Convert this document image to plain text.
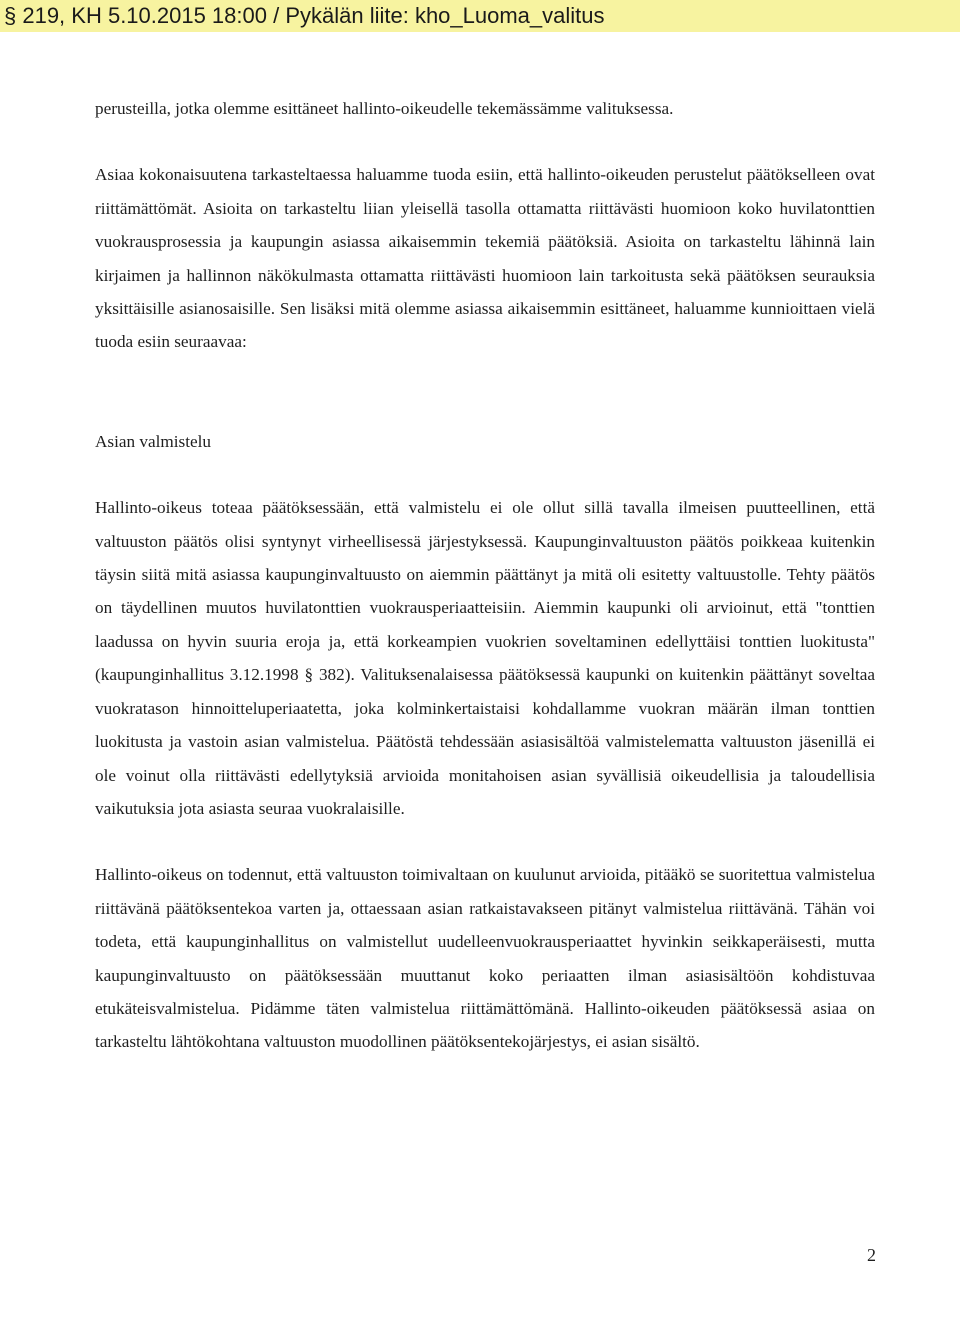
§ 219, KH 5.10.2015 18:00 / Pykälän liite: kho_Luoma_valitus

perusteilla, jotka olemme esittäneet hallinto-oikeudelle tekemässämme valituksessa.

Asiaa kokonaisuutena tarkasteltaessa haluamme tuoda esiin, että hallinto-oikeuden perustelut päätökselleen ovat riittämättömät. Asioita on tarkasteltu liian yleisellä tasolla ottamatta riittävästi huomioon koko huvilatonttien vuokrausprosessia ja kaupungin asiassa aikaisemmin tekemiä päätöksiä. Asioita on tarkasteltu lähinnä lain kirjaimen ja hallinnon näkökulmasta ottamatta riittävästi huomioon lain tarkoitusta sekä päätöksen seurauksia yksittäisille asianosaisille. Sen lisäksi mitä olemme asiassa aikaisemmin esittäneet, haluamme kunnioittaen vielä tuoda esiin seuraavaa:

Asian valmistelu

Hallinto-oikeus toteaa päätöksessään, että valmistelu ei ole ollut sillä tavalla ilmeisen puutteellinen, että valtuuston päätös olisi syntynyt virheellisessä järjestyksessä. Kaupunginvaltuuston päätös poikkeaa kuitenkin täysin siitä mitä asiassa kaupunginvaltuusto on aiemmin päättänyt ja mitä oli esitetty valtuustolle. Tehty päätös on täydellinen muutos huvilatonttien vuokrausperiaatteisiin. Aiemmin kaupunki oli arvioinut, että "tonttien laadussa on hyvin suuria eroja ja, että korkeampien vuokrien soveltaminen edellyttäisi tonttien luokitusta" (kaupunginhallitus 3.12.1998 § 382). Valituksenalaisessa päätöksessä kaupunki on kuitenkin päättänyt soveltaa vuokratason hinnoitteluperiaatetta, joka kolminkertaistaisi kohdallamme vuokran määrän ilman tonttien luokitusta ja vastoin asian valmistelua. Päätöstä tehdessään asiasisältöä valmistelematta valtuuston jäsenillä ei ole voinut olla riittävästi edellytyksiä arvioida monitahoisen asian syvällisiä oikeudellisia ja taloudellisia vaikutuksia jota asiasta seuraa vuokralaisille.

Hallinto-oikeus on todennut, että valtuuston toimivaltaan on kuulunut arvioida, pitääkö se suoritettua valmistelua riittävänä päätöksentekoa varten ja, ottaessaan asian ratkaistavakseen pitänyt valmistelua riittävänä. Tähän voi todeta, että kaupunginhallitus on valmistellut uudelleenvuokrausperiaattet hyvinkin seikkaperäisesti, mutta kaupunginvaltuusto on päätöksessään muuttanut koko periaatten ilman asiasisältöön kohdistuvaa etukäteisvalmistelua. Pidämme täten valmistelua riittämättömänä. Hallinto-oikeuden päätöksessä asiaa on tarkasteltu lähtökohtana valtuuston muodollinen päätöksentekojärjestys, ei asian sisältö.

2
